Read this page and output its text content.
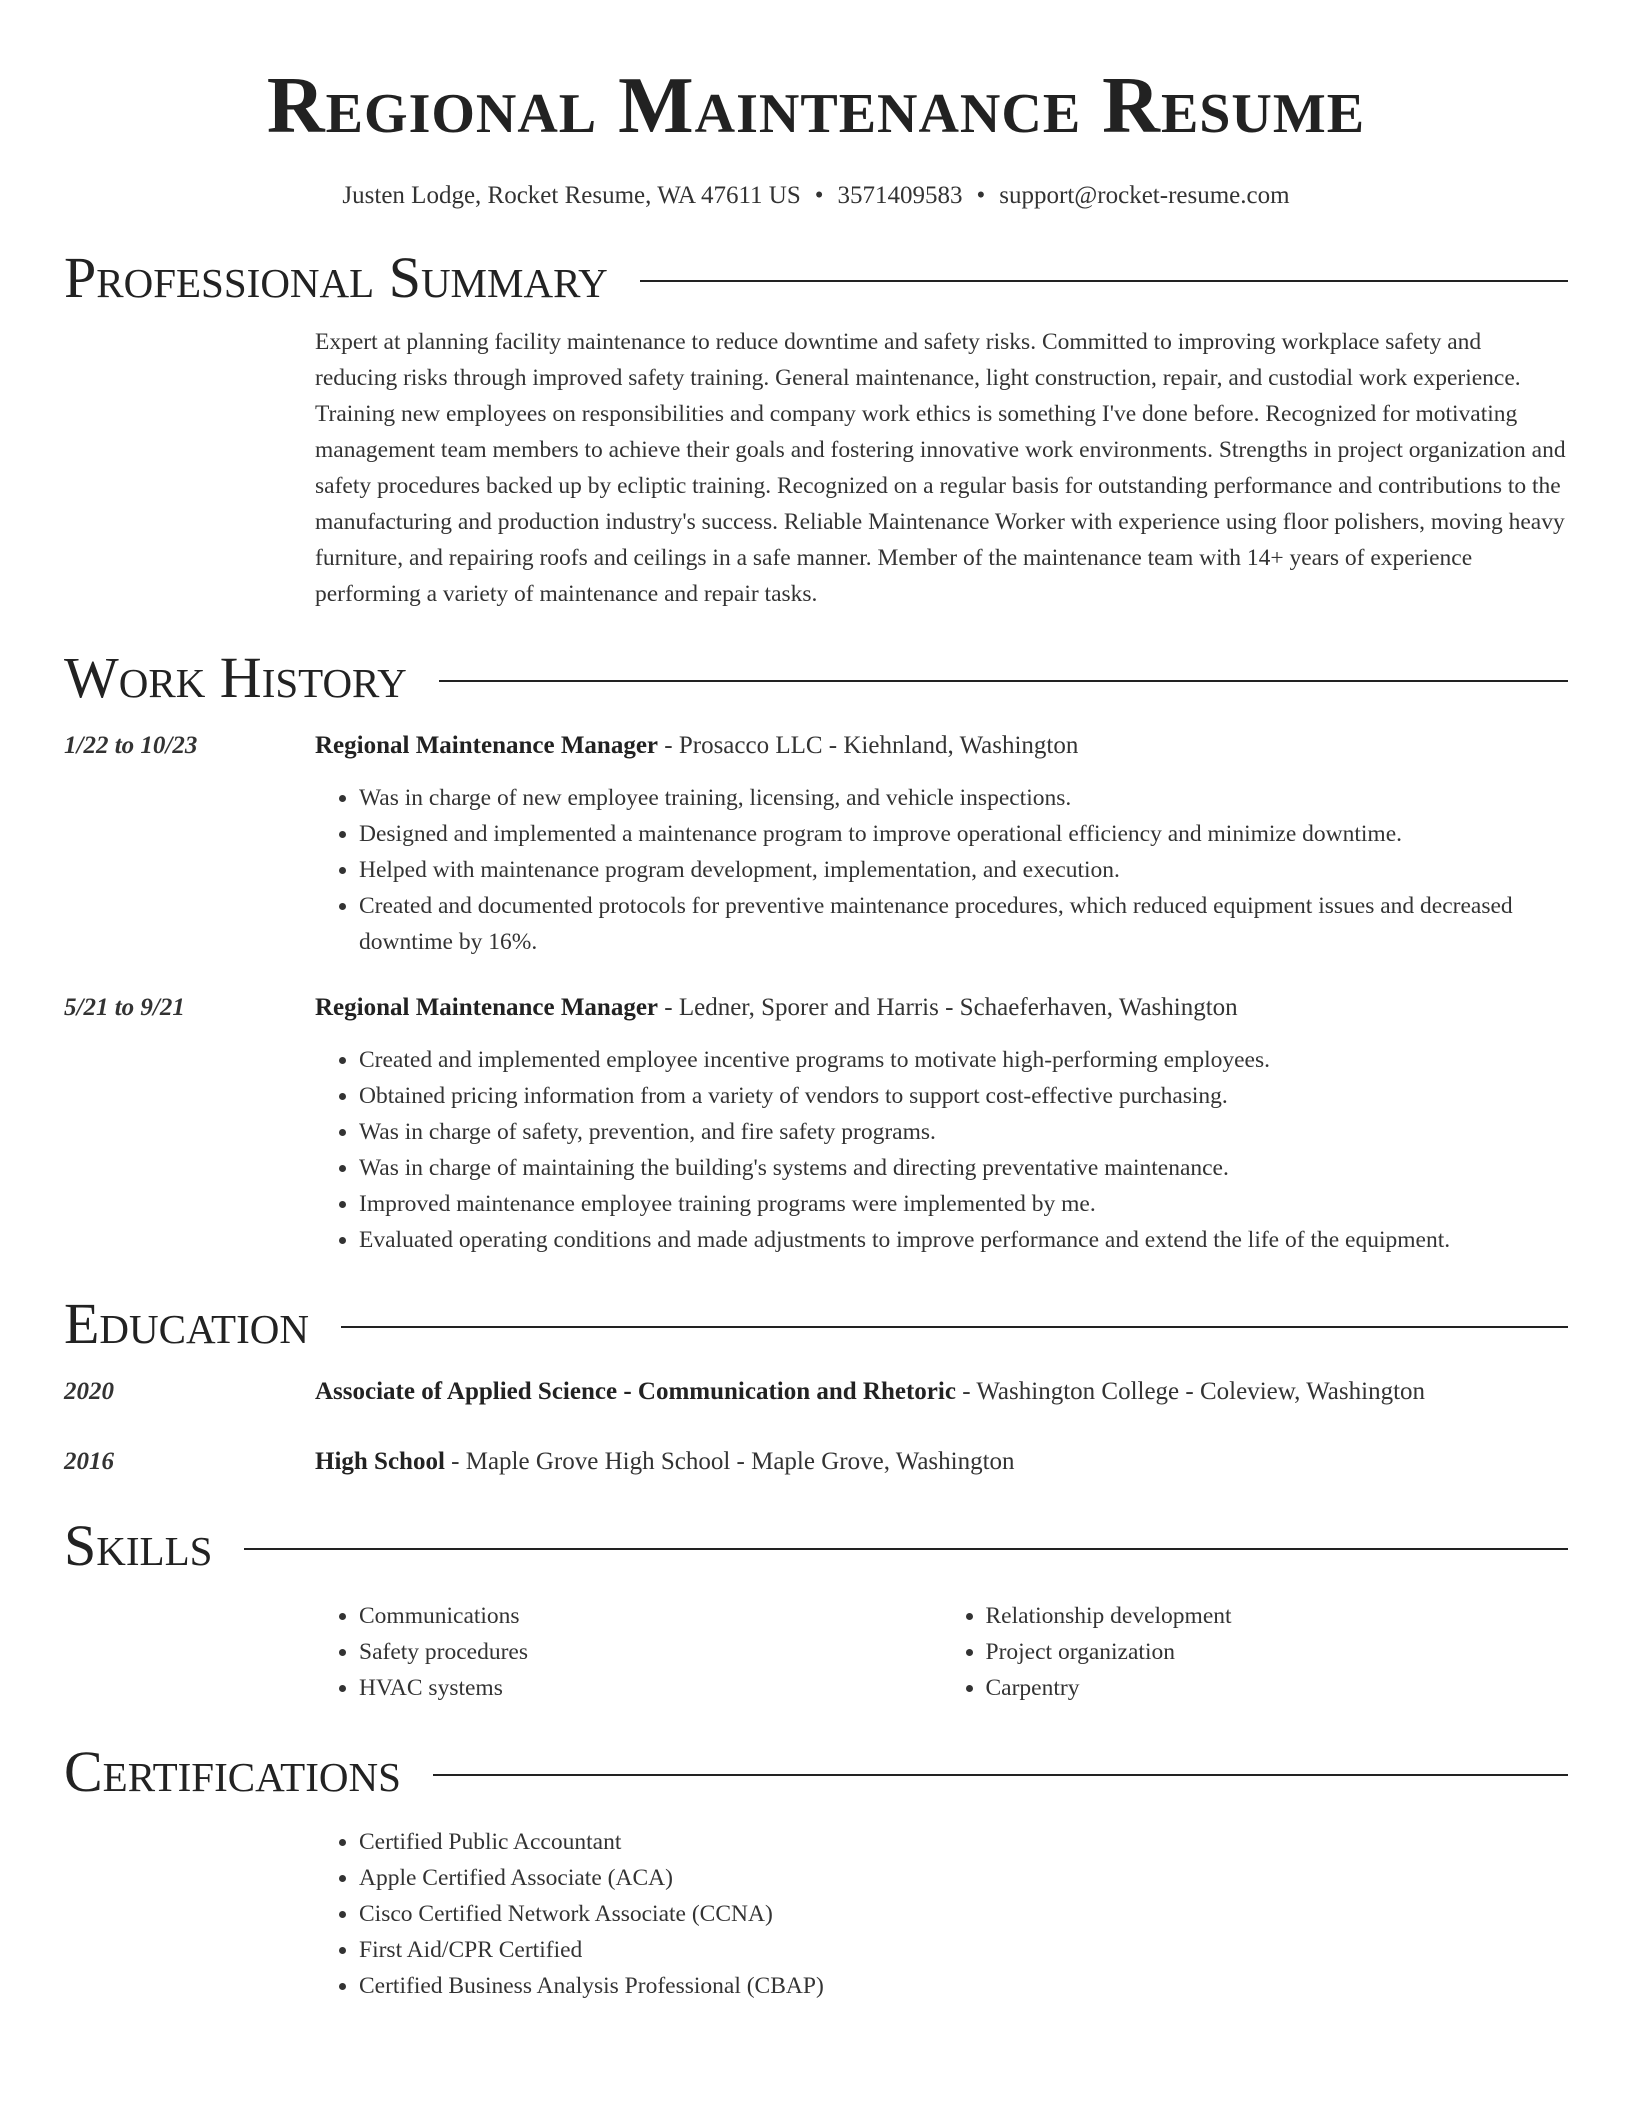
Regional Maintenance Resume
Justen Lodge, Rocket Resume, WA 47611 US • 3571409583 • support@rocket-resume.com
Professional Summary
Expert at planning facility maintenance to reduce downtime and safety risks. Committed to improving workplace safety and reducing risks through improved safety training. General maintenance, light construction, repair, and custodial work experience. Training new employees on responsibilities and company work ethics is something I've done before. Recognized for motivating management team members to achieve their goals and fostering innovative work environments. Strengths in project organization and safety procedures backed up by ecliptic training. Recognized on a regular basis for outstanding performance and contributions to the manufacturing and production industry's success. Reliable Maintenance Worker with experience using floor polishers, moving heavy furniture, and repairing roofs and ceilings in a safe manner. Member of the maintenance team with 14+ years of experience performing a variety of maintenance and repair tasks.
Work History
1/22 to 10/23	Regional Maintenance Manager - Prosacco LLC - Kiehnland, Washington
• Was in charge of new employee training, licensing, and vehicle inspections.
• Designed and implemented a maintenance program to improve operational efficiency and minimize downtime.
• Helped with maintenance program development, implementation, and execution.
• Created and documented protocols for preventive maintenance procedures, which reduced equipment issues and decreased downtime by 16%.
5/21 to 9/21	Regional Maintenance Manager - Ledner, Sporer and Harris - Schaeferhaven, Washington
• Created and implemented employee incentive programs to motivate high-performing employees.
• Obtained pricing information from a variety of vendors to support cost-effective purchasing.
• Was in charge of safety, prevention, and fire safety programs.
• Was in charge of maintaining the building's systems and directing preventative maintenance.
• Improved maintenance employee training programs were implemented by me.
• Evaluated operating conditions and made adjustments to improve performance and extend the life of the equipment.
Education
2020	Associate of Applied Science - Communication and Rhetoric - Washington College - Coleview, Washington
2016	High School - Maple Grove High School - Maple Grove, Washington
Skills
• Communications
• Safety procedures
• HVAC systems
• Relationship development
• Project organization
• Carpentry
Certifications
• Certified Public Accountant
• Apple Certified Associate (ACA)
• Cisco Certified Network Associate (CCNA)
• First Aid/CPR Certified
• Certified Business Analysis Professional (CBAP)
